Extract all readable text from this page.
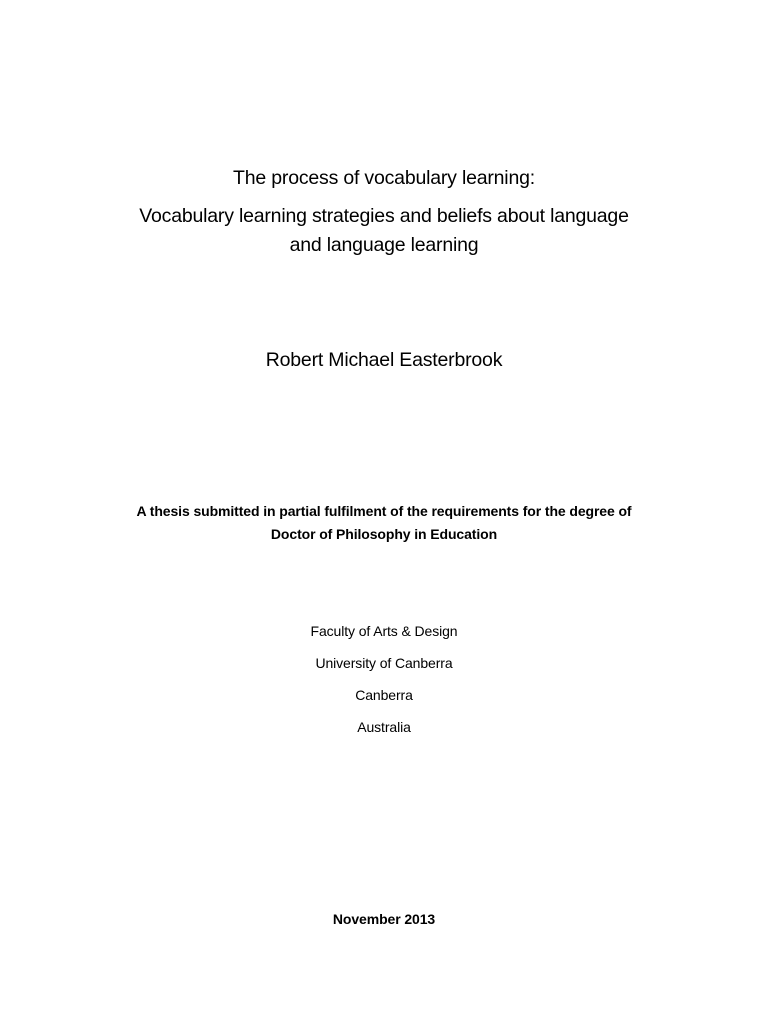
The process of vocabulary learning:
Vocabulary learning strategies and beliefs about language
and language learning
Robert Michael Easterbrook
A thesis submitted in partial fulfilment of the requirements for the degree of
Doctor of Philosophy in Education
Faculty of Arts & Design
University of Canberra
Canberra
Australia
November 2013
